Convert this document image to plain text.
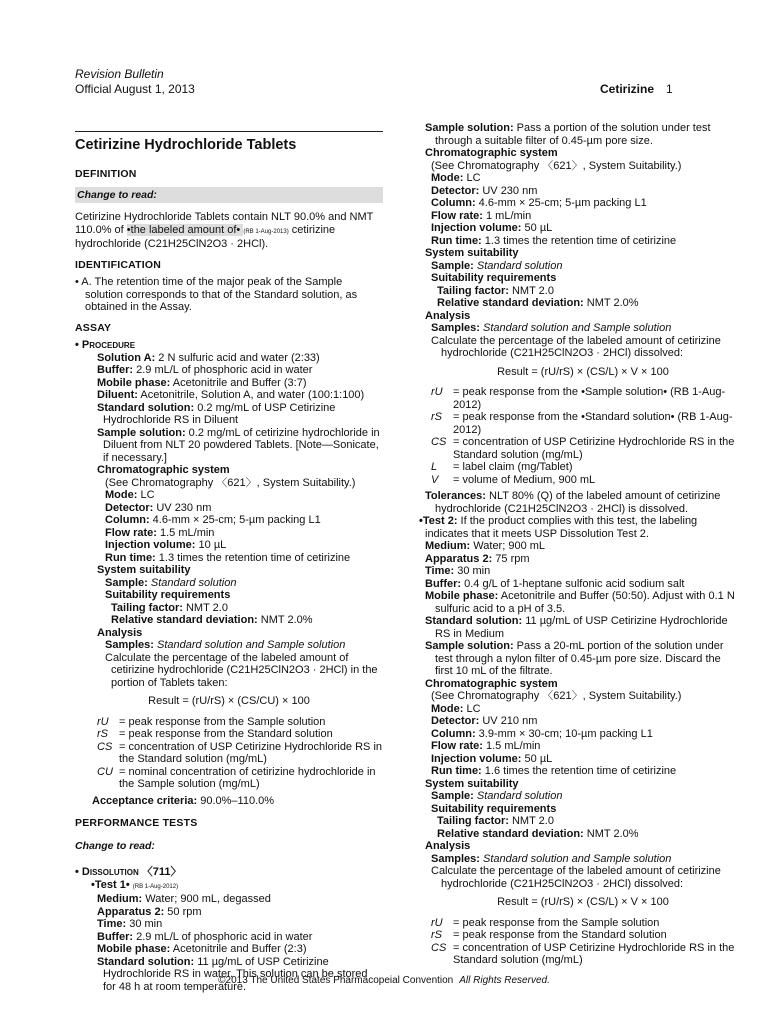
Revision Bulletin
Official August 1, 2013	Cetirizine 1
Cetirizine Hydrochloride Tablets
DEFINITION
Change to read:

Cetirizine Hydrochloride Tablets contain NLT 90.0% and NMT 110.0% of •the labeled amount of• (RB 1-Aug-2013) cetirizine hydrochloride (C21H25ClN2O3 · 2HCl).

IDENTIFICATION

• A. The retention time of the major peak of the Sample solution corresponds to that of the Standard solution, as obtained in the Assay.

ASSAY
• Procedure

Solution A: 2 N sulfuric acid and water (2:33)

Buffer: 2.9 mL/L of phosphoric acid in water

Mobile phase: Acetonitrile and Buffer (3:7)

Diluent: Acetonitrile, Solution A, and water (100:1:100)

Standard solution: 0.2 mg/mL of USP Cetirizine Hydrochloride RS in Diluent

Sample solution: 0.2 mg/mL of cetirizine hydrochloride in Diluent from NLT 20 powdered Tablets. [Note—Sonicate, if necessary.]

Chromatographic system

(See Chromatography 〈621〉, System Suitability.)

Mode: LC

Detector: UV 230 nm

Column: 4.6-mm × 25-cm; 5-µm packing L1

Flow rate: 1.5 mL/min

Injection volume: 10 µL

Run time: 1.3 times the retention time of cetirizine

System suitability

Sample: Standard solution

Suitability requirements

Tailing factor: NMT 2.0

Relative standard deviation: NMT 2.0%

Analysis

Samples: Standard solution and Sample solution

Calculate the percentage of the labeled amount of cetirizine hydrochloride (C21H25ClN2O3 · 2HCl) in the portion of Tablets taken:

Result = (rU/rS) × (CS/CU) × 100
rU = peak response from the Sample solution
rS	= peak response from the Standard solution
CS = concentration of USP Cetirizine Hydrochloride RS in the Standard solution (mg/mL)
CU = nominal concentration of cetirizine hydrochloride in the Sample solution (mg/mL)

Acceptance criteria: 90.0%–110.0%

PERFORMANCE TESTS
Change to read:
• Dissolution 〈711〉

•Test 1• (RB 1-Aug-2012)

Medium: Water; 900 mL, degassed

Apparatus 2: 50 rpm

Time: 30 min

Buffer: 2.9 mL/L of phosphoric acid in water

Mobile phase: Acetonitrile and Buffer (2:3)

Standard solution: 11 µg/mL of USP Cetirizine Hydrochloride RS in water. This solution can be stored for 48 h at room temperature.

Sample solution: Pass a portion of the solution under test through a suitable filter of 0.45-µm pore size.

Chromatographic system

(See Chromatography 〈621〉, System Suitability.)

Mode: LC

Detector: UV 230 nm

Column: 4.6-mm × 25-cm; 5-µm packing L1

Flow rate: 1 mL/min

Injection volume: 50 µL

Run time: 1.3 times the retention time of cetirizine

System suitability

Sample: Standard solution

Suitability requirements

Tailing factor: NMT 2.0

Relative standard deviation: NMT 2.0%

Analysis

Samples: Standard solution and Sample solution

Calculate the percentage of the labeled amount of cetirizine hydrochloride (C21H25ClN2O3 · 2HCl) dissolved:

Result = (rU/rS) × (CS/L) × V × 100
rU = peak response from the •Sample solution• (RB 1-Aug-2012)
rS	= peak response from the •Standard solution• (RB 1-Aug-2012)
CS = concentration of USP Cetirizine Hydrochloride RS in the Standard solution (mg/mL)
L	= label claim (mg/Tablet)
V	= volume of Medium, 900 mL

Tolerances: NLT 80% (Q) of the labeled amount of cetirizine hydrochloride (C21H25ClN2O3 · 2HCl) is dissolved.

•Test 2: If the product complies with this test, the labeling indicates that it meets USP Dissolution Test 2.

Medium: Water; 900 mL

Apparatus 2: 75 rpm

Time: 30 min

Buffer: 0.4 g/L of 1-heptane sulfonic acid sodium salt

Mobile phase: Acetonitrile and Buffer (50:50). Adjust with 0.1 N sulfuric acid to a pH of 3.5.

Standard solution: 11 µg/mL of USP Cetirizine Hydrochloride RS in Medium

Sample solution: Pass a 20-mL portion of the solution under test through a nylon filter of 0.45-µm pore size. Discard the first 10 mL of the filtrate.

Chromatographic system

(See Chromatography 〈621〉, System Suitability.)

Mode: LC

Detector: UV 210 nm

Column: 3.9-mm × 30-cm; 10-µm packing L1

Flow rate: 1.5 mL/min

Injection volume: 50 µL

Run time: 1.6 times the retention time of cetirizine

System suitability

Sample: Standard solution

Suitability requirements

Tailing factor: NMT 2.0

Relative standard deviation: NMT 2.0%

Analysis

Samples: Standard solution and Sample solution

Calculate the percentage of the labeled amount of cetirizine hydrochloride (C21H25ClN2O3 · 2HCl) dissolved:

Result = (rU/rS) × (CS/L) × V × 100
rU = peak response from the Sample solution
rS	= peak response from the Standard solution
CS = concentration of USP Cetirizine Hydrochloride RS in the Standard solution (mg/mL)
©2013 The United States Pharmacopeial Convention All Rights Reserved.
